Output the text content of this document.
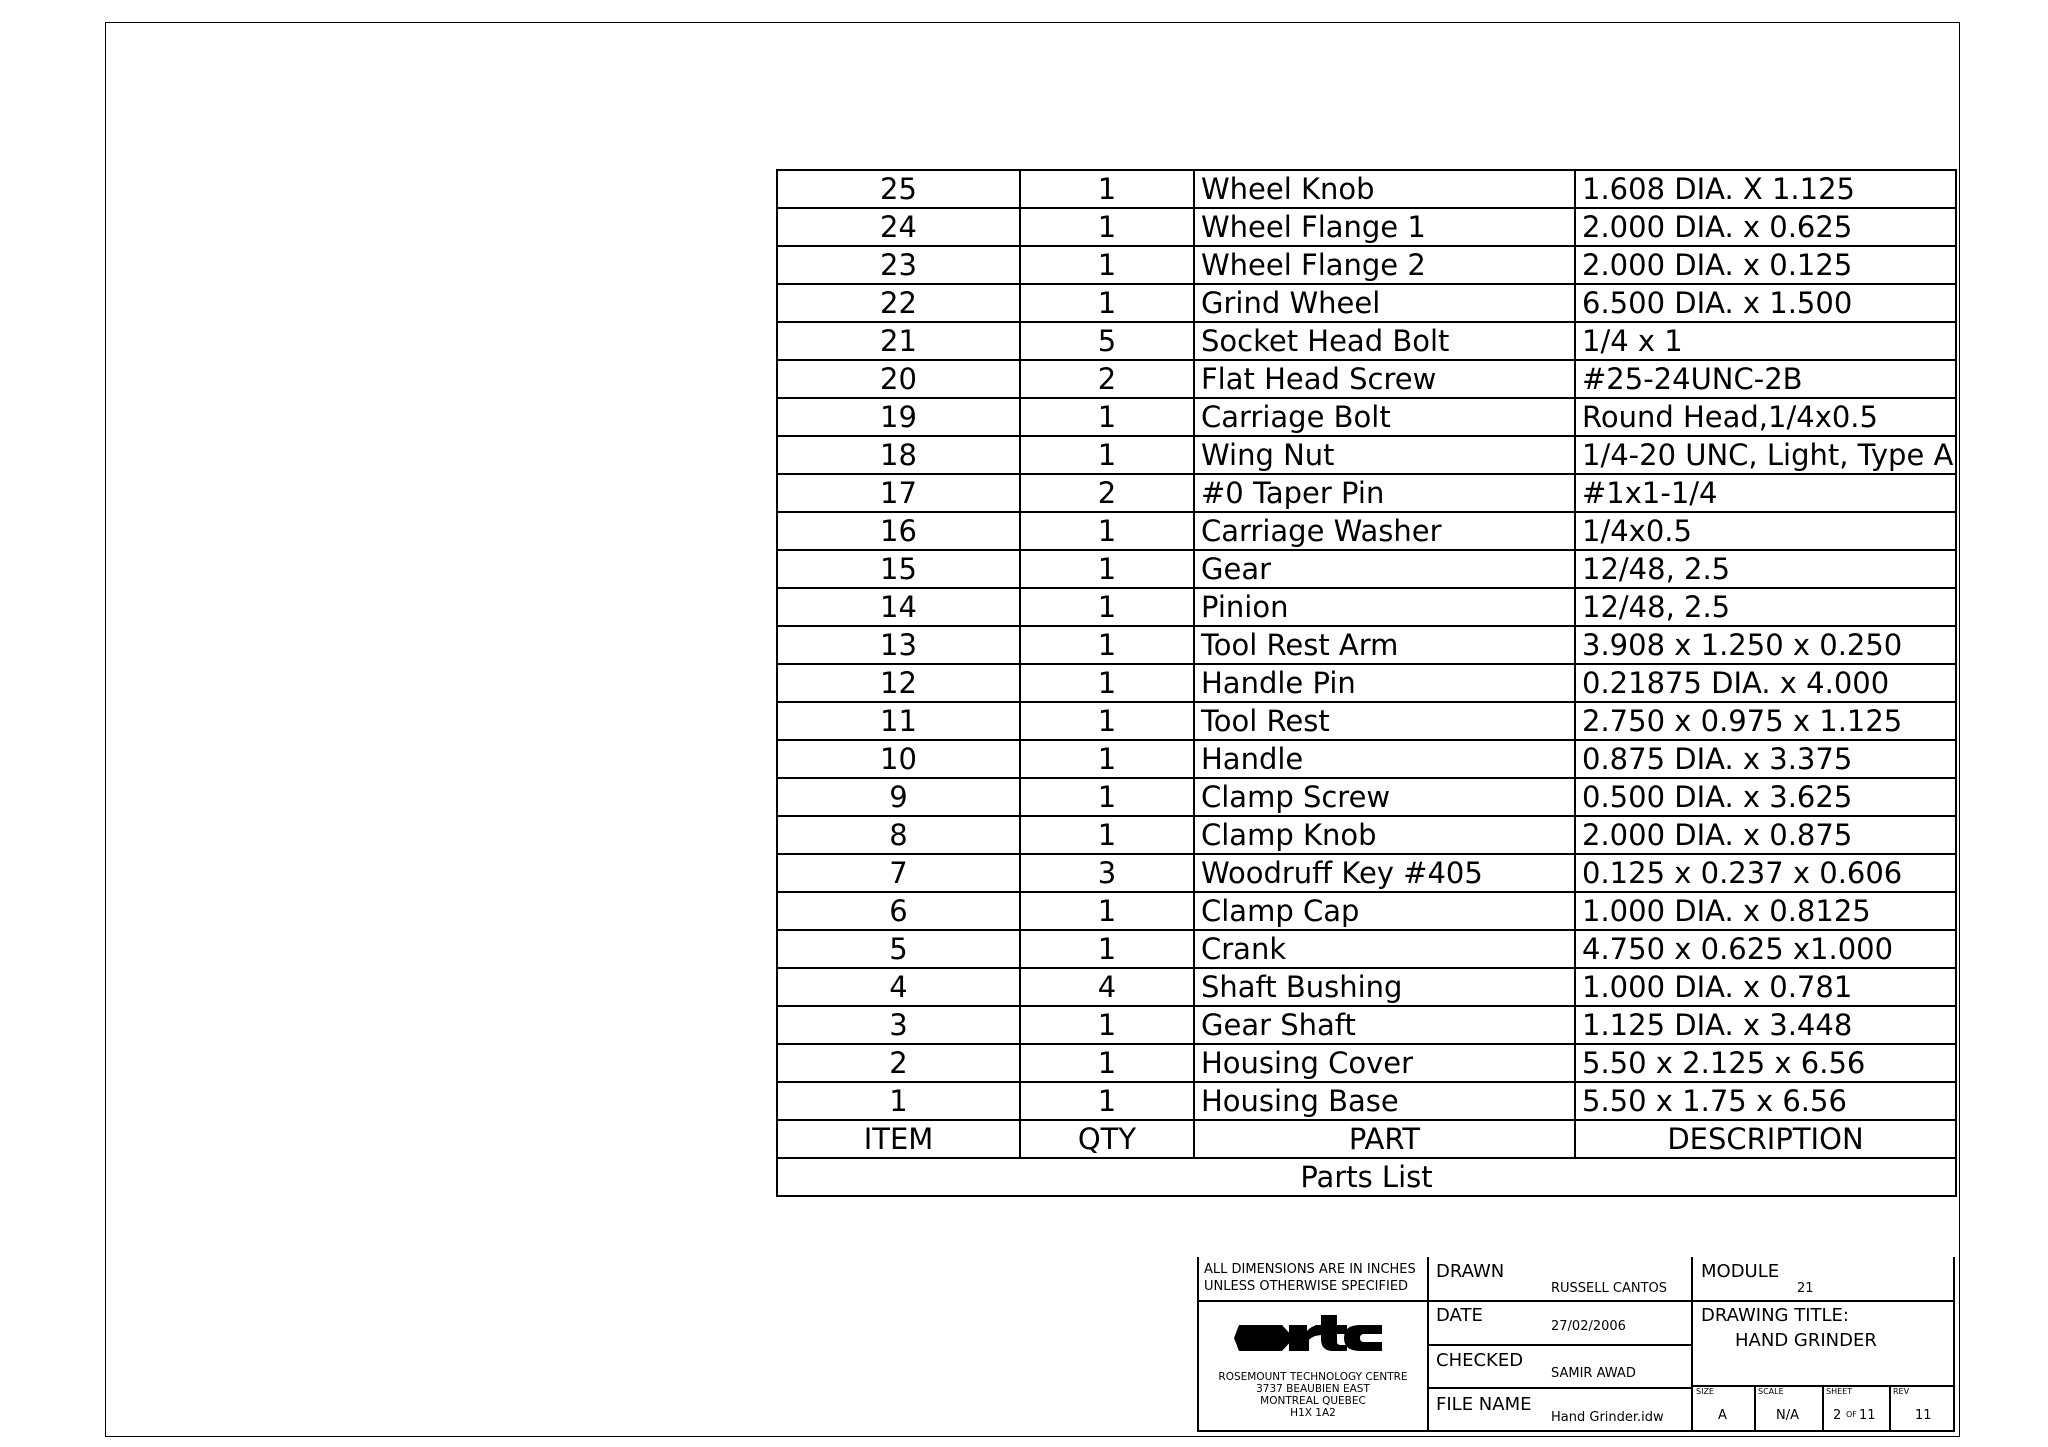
25	1	Wheel Knob	1.608 DIA. X 1.125
24	1	Wheel Flange 1	2.000 DIA. x 0.625
23	1	Wheel Flange 2	2.000 DIA. x 0.125
22	1	Grind Wheel	6.500 DIA. x 1.500
21	5	Socket Head Bolt	1/4 x 1
20	2	Flat Head Screw	#25-24UNC-2B
19	1	Carriage Bolt	Round Head,1/4x0.5
18	1	Wing Nut	1/4-20 UNC, Light, Type A
17	2	#0 Taper Pin	#1x1-1/4
16	1	Carriage Washer	1/4x0.5
15	1	Gear	12/48, 2.5
14	1	Pinion	12/48, 2.5
13	1	Tool Rest Arm	3.908 x 1.250 x 0.250
12	1	Handle Pin	0.21875 DIA. x 4.000
11	1	Tool Rest	2.750 x 0.975 x 1.125
10	1	Handle	0.875 DIA. x 3.375
9	1	Clamp Screw	0.500 DIA. x 3.625
8	1	Clamp Knob	2.000 DIA. x 0.875
7	3	Woodruff Key #405	0.125 x 0.237 x 0.606
6	1	Clamp Cap	1.000 DIA. x 0.8125
5	1	Crank	4.750 x 0.625 x1.000
4	4	Shaft Bushing	1.000 DIA. x 0.781
3	1	Gear Shaft	1.125 DIA. x 3.448
2	1	Housing Cover	5.50 x 2.125 x 6.56
1	1	Housing Base	5.50 x 1.75 x 6.56
ITEM	QTY	PART	DESCRIPTION
Parts List			
ALL DIMENSIONS ARE IN INCHES
UNLESS OTHERWISE SPECIFIED
ROSEMOUNT TECHNOLOGY CENTRE
3737 BEAUBIEN EAST
MONTREAL QUEBEC
H1X 1A2
DRAWN
RUSSELL CANTOS
DATE
27/02/2006
CHECKED
SAMIR AWAD
FILE NAME
Hand Grinder.idw
MODULE
21
DRAWING TITLE:
HAND GRINDER
SIZE
A
SCALE
N/A
SHEET
2 OF 11
REV
11
